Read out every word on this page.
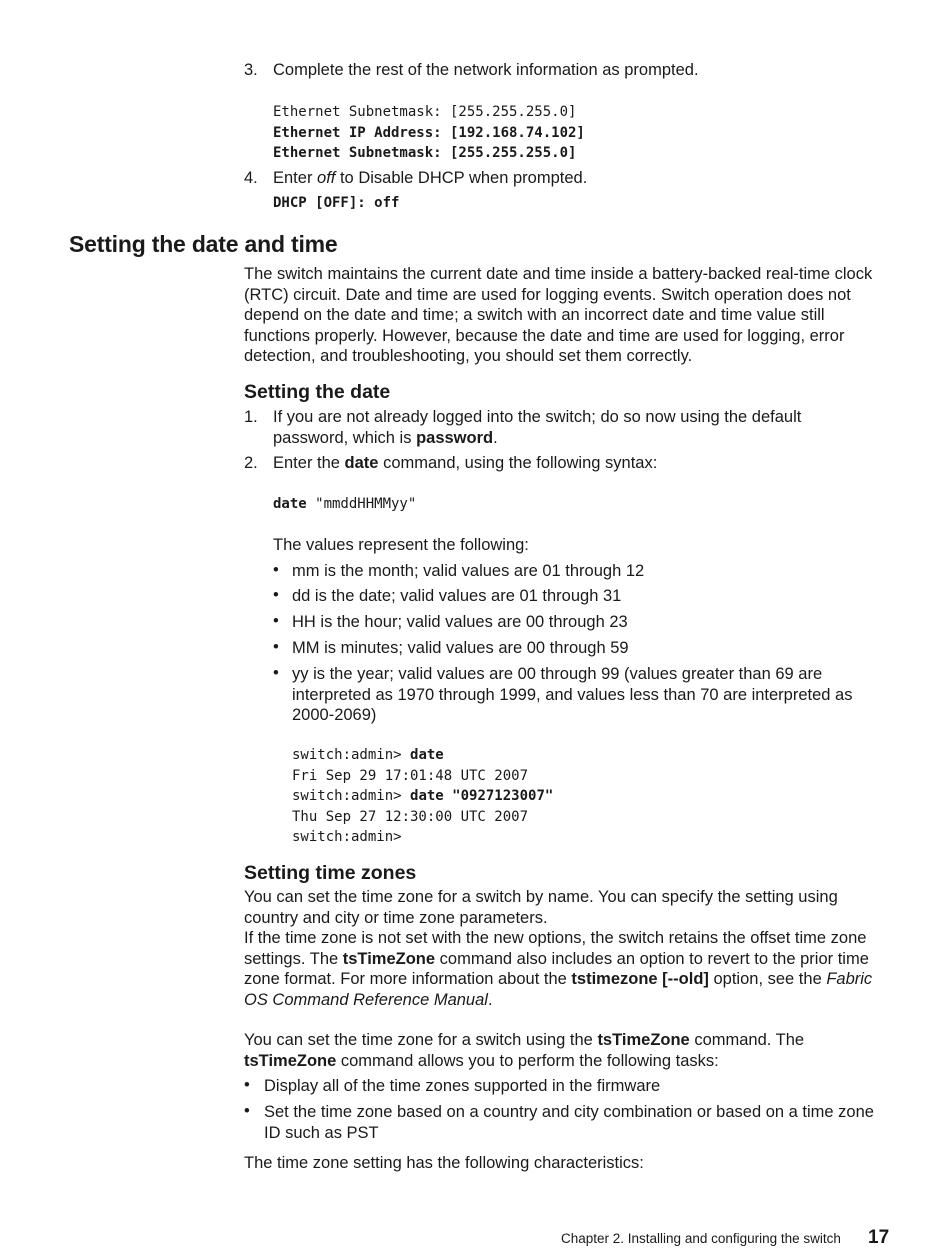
3. Complete the rest of the network information as prompted.
Ethernet Subnetmask: [255.255.255.0]
Ethernet IP Address: [192.168.74.102]
Ethernet Subnetmask: [255.255.255.0]
4. Enter off to Disable DHCP when prompted.
DHCP [OFF]: off
Setting the date and time

The switch maintains the current date and time inside a battery-backed real-time clock (RTC) circuit. Date and time are used for logging events. Switch operation does not depend on the date and time; a switch with an incorrect date and time value still functions properly. However, because the date and time are used for logging, error detection, and troubleshooting, you should set them correctly.

Setting the date
1. If you are not already logged into the switch; do so now using the default password, which is password.
2. Enter the date command, using the following syntax:
date "mmddHHMMyy"
The values represent the following:
• mm is the month; valid values are 01 through 12
• dd is the date; valid values are 01 through 31
• HH is the hour; valid values are 00 through 23
• MM is minutes; valid values are 00 through 59
• yy is the year; valid values are 00 through 99 (values greater than 69 are interpreted as 1970 through 1999, and values less than 70 are interpreted as 2000-2069)
switch:admin> date
Fri Sep 29 17:01:48 UTC 2007
switch:admin> date "0927123007"
Thu Sep 27 12:30:00 UTC 2007
switch:admin>
Setting time zones

You can set the time zone for a switch by name. You can specify the setting using country and city or time zone parameters.

If the time zone is not set with the new options, the switch retains the offset time zone settings. The tsTimeZone command also includes an option to revert to the prior time zone format. For more information about the tstimezone [--old] option, see the Fabric OS Command Reference Manual.

You can set the time zone for a switch using the tsTimeZone command. The tsTimeZone command allows you to perform the following tasks:

• Display all of the time zones supported in the firmware
• Set the time zone based on a country and city combination or based on a time zone ID such as PST

The time zone setting has the following characteristics:

Chapter 2. Installing and configuring the switch 17
